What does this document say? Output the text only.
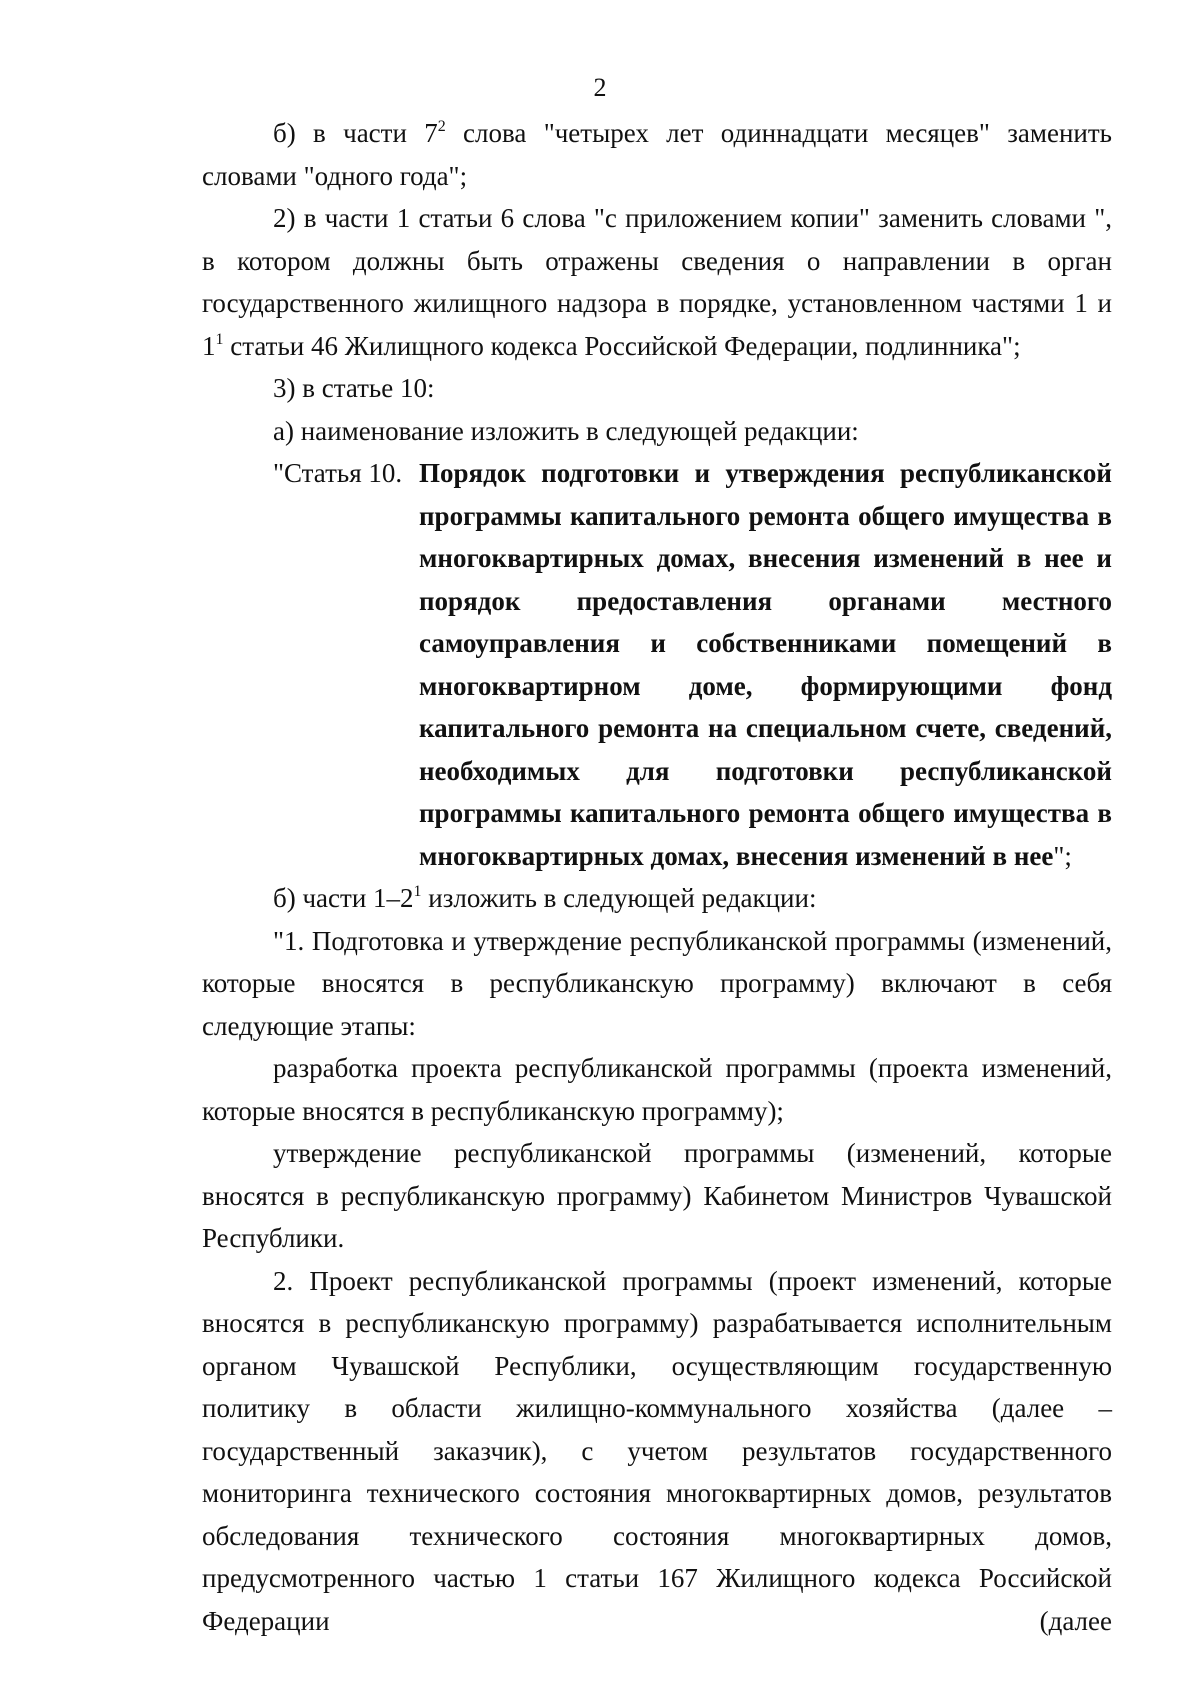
2

б) в части $7^2$ слова "четырех лет одиннадцати месяцев" заменить словами "одного года";

2) в части 1 статьи 6 слова "с приложением копии" заменить словами ", в котором должны быть отражены сведения о направлении в орган государственного жилищного надзора в порядке, установленном частями 1 и $1^1$ статьи 46 Жилищного кодекса Российской Федерации, подлинника";

3) в статье 10:

а) наименование изложить в следующей редакции:

"Статья 10. Порядок подготовки и утверждения республиканской программы капитального ремонта общего имущества в многоквартирных домах, внесения изменений в нее и порядок предоставления органами местного самоуправления и собственниками помещений в многоквартирном доме, формирующими фонд капитального ремонта на специальном счете, сведений, необходимых для подготовки республиканской программы капитального ремонта общего имущества в многоквартирных домах, внесения изменений в нее";

б) части $1-2^1$ изложить в следующей редакции:

"1. Подготовка и утверждение республиканской программы (изменений, которые вносятся в республиканскую программу) включают в себя следующие этапы:

разработка проекта республиканской программы (проекта изменений, которые вносятся в республиканскую программу);

утверждение республиканской программы (изменений, которые вносятся в республиканскую программу) Кабинетом Министров Чувашской Республики.

2. Проект республиканской программы (проект изменений, которые вносятся в республиканскую программу) разрабатывается исполнительным органом Чувашской Республики, осуществляющим государственную политику в области жилищно-коммунального хозяйства (далее – государственный заказчик), с учетом результатов государственного мониторинга технического состояния многоквартирных домов, результатов обследования технического состояния многоквартирных домов, предусмотренного частью 1 статьи 167 Жилищного кодекса Российской Федерации (далее
